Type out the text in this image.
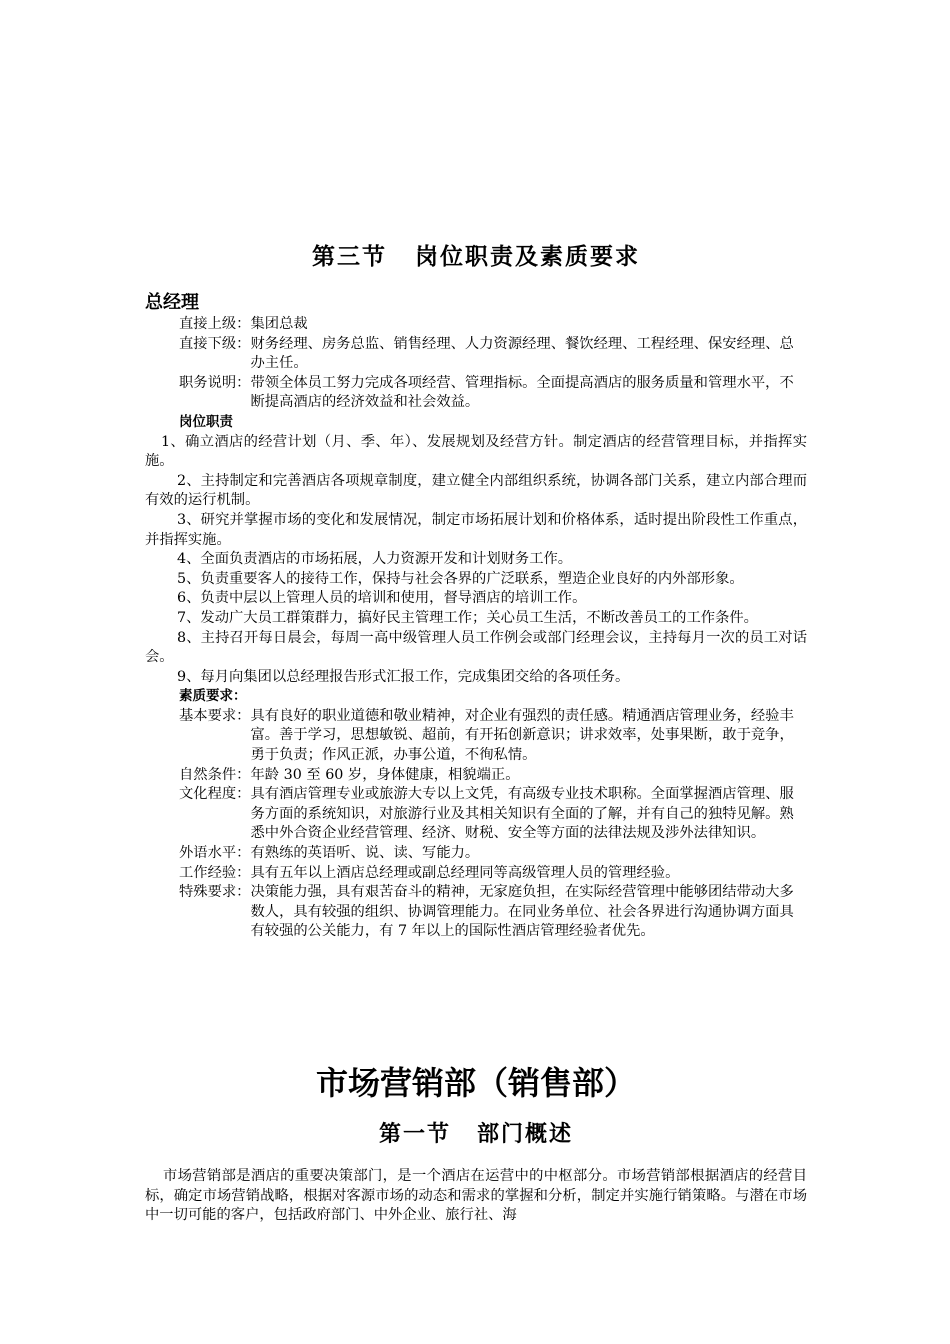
第三节 岗位职责及素质要求
总经理
直接上级： 集团总裁
直接下级： 财务经理、房务总监、销售经理、人力资源经理、餐饮经理、工程经理、保安经理、总办主任。
职务说明： 带领全体员工努力完成各项经营、管理指标。全面提高酒店的服务质量和管理水平，不断提高酒店的经济效益和社会效益。
岗位职责
1、确立酒店的经营计划（月、季、年）、发展规划及经营方针。制定酒店的经营管理目标，并指挥实施。
2、主持制定和完善酒店各项规章制度，建立健全内部组织系统，协调各部门关系，建立内部合理而有效的运行机制。
3、研究并掌握市场的变化和发展情况，制定市场拓展计划和价格体系，适时提出阶段性工作重点，并指挥实施。
4、全面负责酒店的市场拓展，人力资源开发和计划财务工作。
5、负责重要客人的接待工作，保持与社会各界的广泛联系，塑造企业良好的内外部形象。
6、负责中层以上管理人员的培训和使用，督导酒店的培训工作。
7、发动广大员工群策群力，搞好民主管理工作；关心员工生活，不断改善员工的工作条件。
8、主持召开每日晨会，每周一高中级管理人员工作例会或部门经理会议，主持每月一次的员工对话会。
9、每月向集团以总经理报告形式汇报工作，完成集团交给的各项任务。
素质要求：
基本要求： 具有良好的职业道德和敬业精神，对企业有强烈的责任感。精通酒店管理业务，经验丰富。善于学习，思想敏锐、超前，有开拓创新意识；讲求效率，处事果断，敢于竞争，勇于负责；作风正派，办事公道，不徇私情。
自然条件： 年龄 30 至 60 岁，身体健康，相貌端正。
文化程度： 具有酒店管理专业或旅游大专以上文凭，有高级专业技术职称。全面掌握酒店管理、服务方面的系统知识，对旅游行业及其相关知识有全面的了解，并有自己的独特见解。熟悉中外合资企业经营管理、经济、财税、安全等方面的法律法规及涉外法律知识。
外语水平： 有熟练的英语听、说、读、写能力。
工作经验： 具有五年以上酒店总经理或副总经理同等高级管理人员的管理经验。
特殊要求： 决策能力强，具有艰苦奋斗的精神，无家庭负担，在实际经营管理中能够团结带动大多数人，具有较强的组织、协调管理能力。在同业务单位、社会各界进行沟通协调方面具有较强的公关能力，有 7 年以上的国际性酒店管理经验者优先。
市场营销部（销售部）
第一节 部门概述
市场营销部是酒店的重要决策部门，是一个酒店在运营中的中枢部分。市场营销部根据酒店的经营目标，确定市场营销战略，根据对客源市场的动态和需求的掌握和分析，制定并实施行销策略。与潜在市场中一切可能的客户，包括政府部门、中外企业、旅行社、海
